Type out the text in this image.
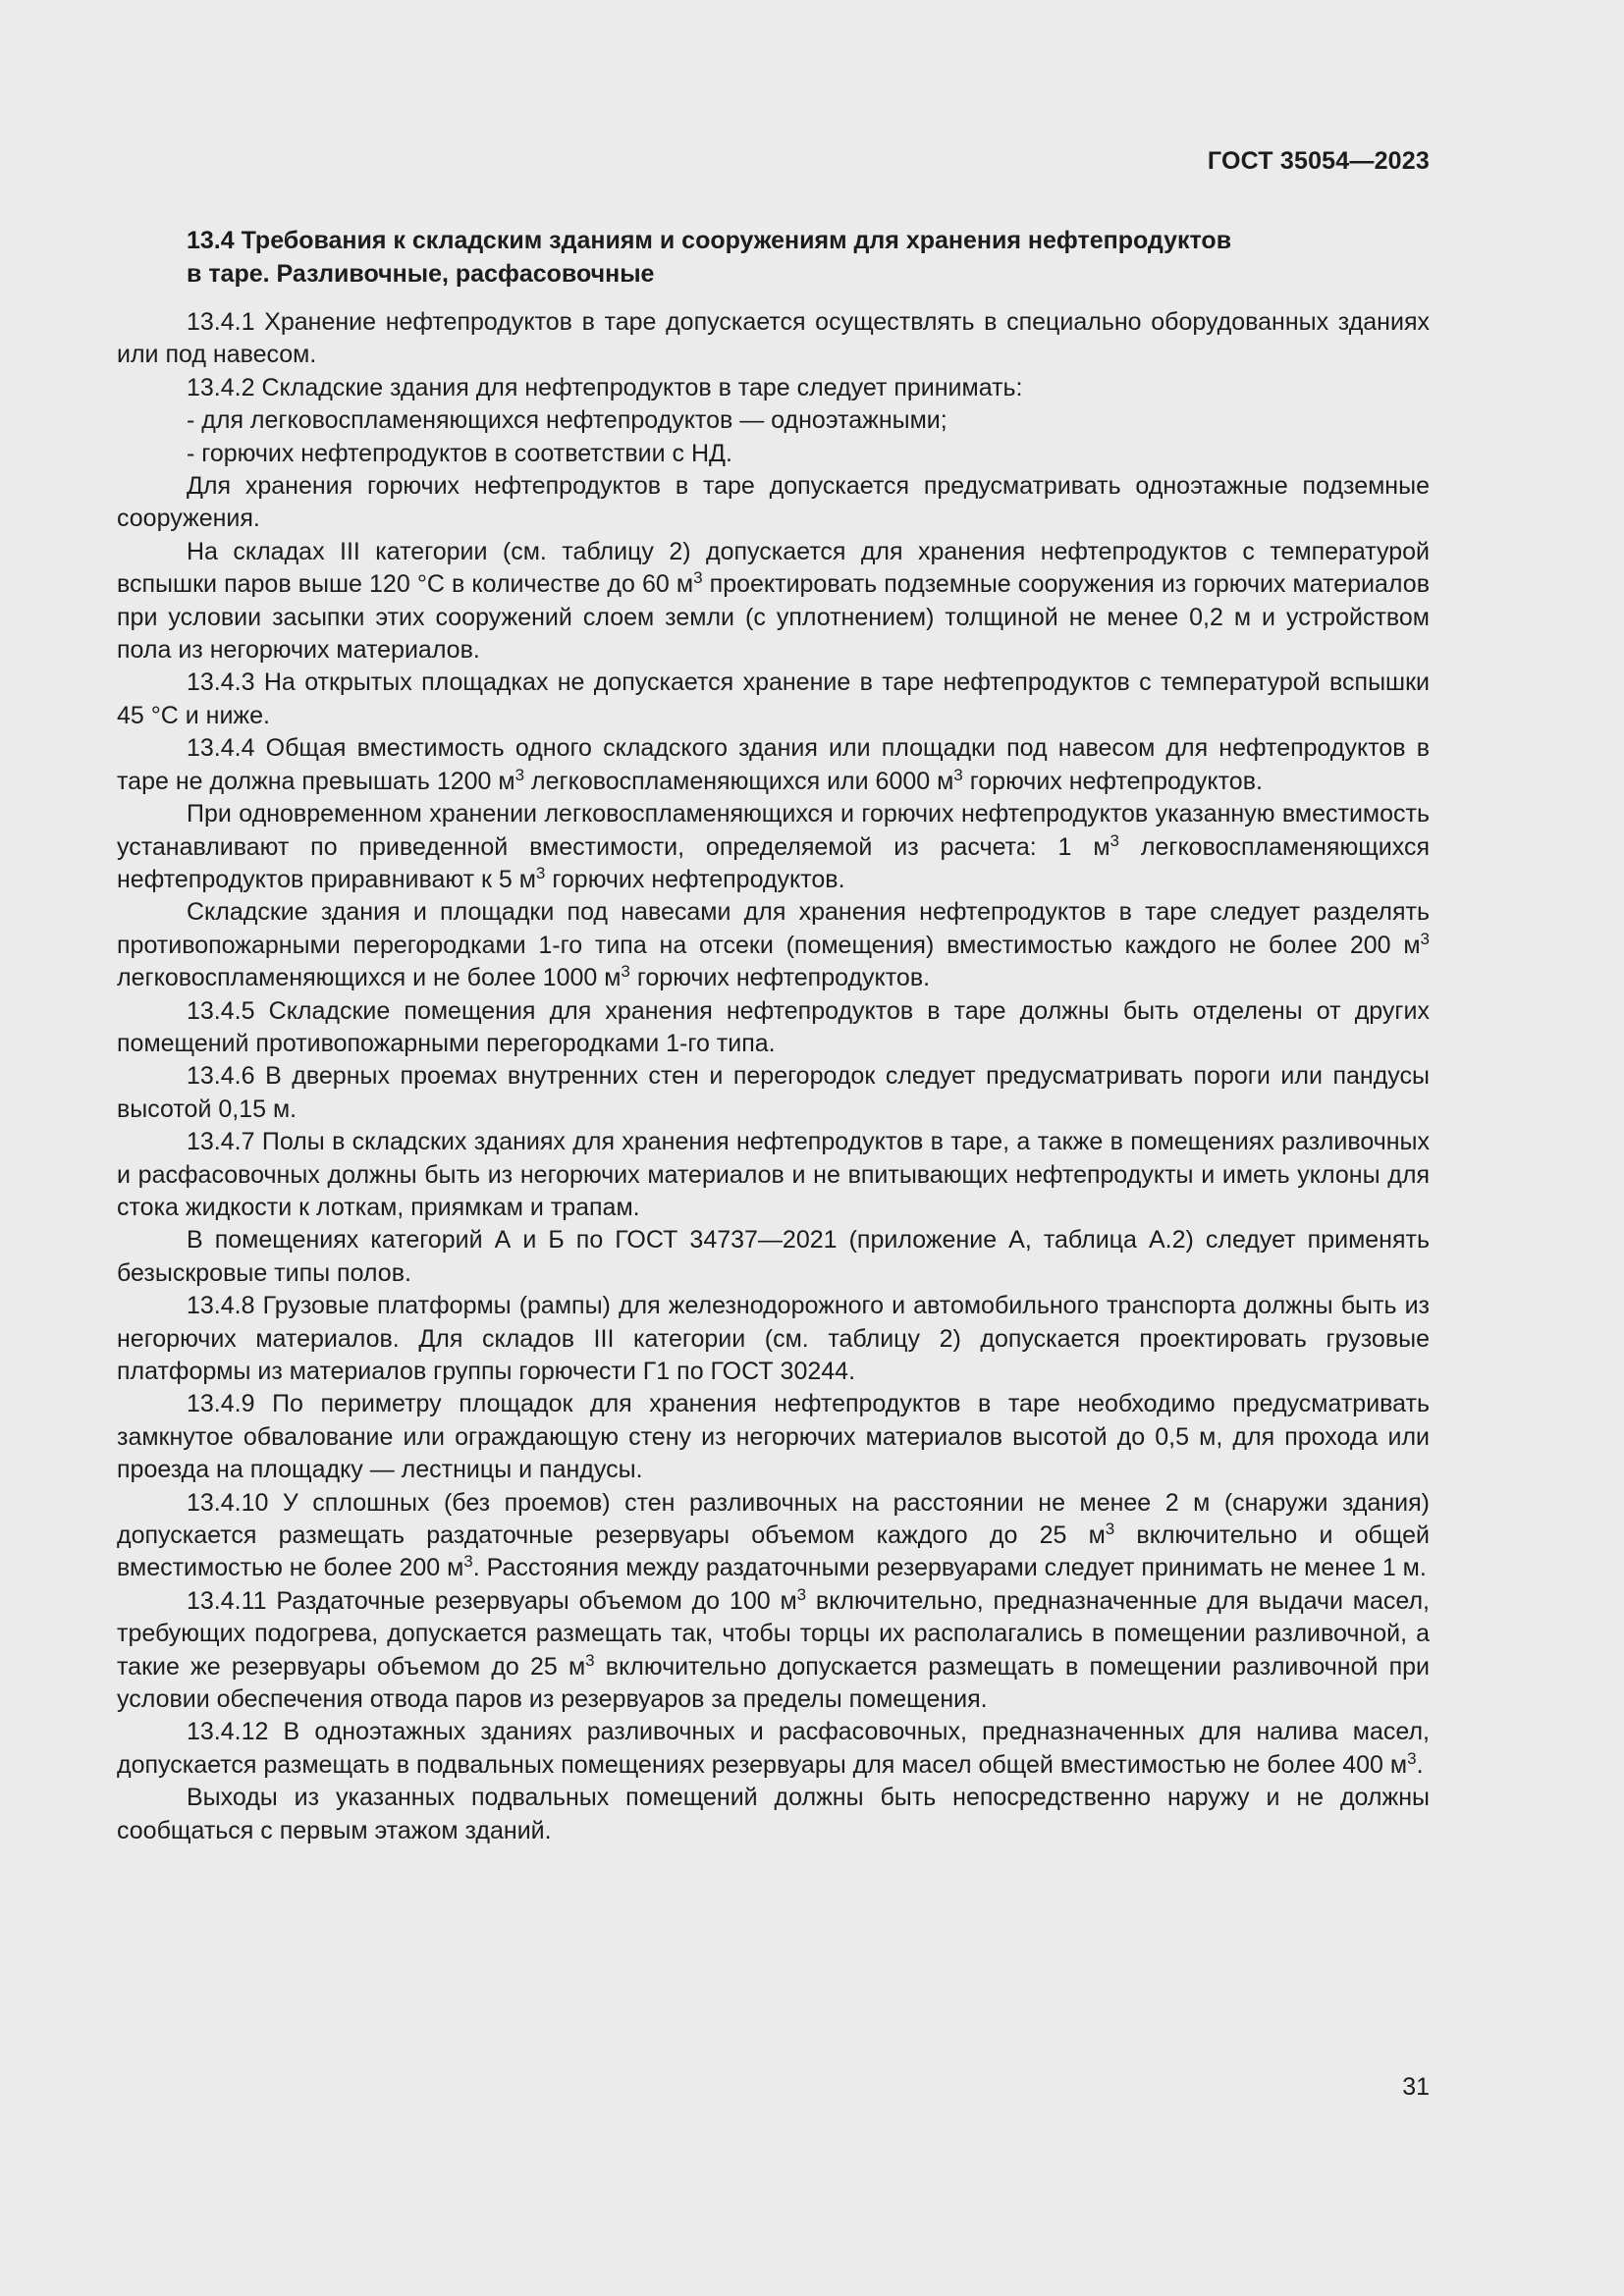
ГОСТ 35054—2023
13.4 Требования к складским зданиям и сооружениям для хранения нефтепродуктов
в таре. Разливочные, расфасовочные

13.4.1 Хранение нефтепродуктов в таре допускается осуществлять в специально оборудованных зданиях или под навесом.

13.4.2 Складские здания для нефтепродуктов в таре следует принимать:

- для легковоспламеняющихся нефтепродуктов — одноэтажными;

- горючих нефтепродуктов в соответствии с НД.

Для хранения горючих нефтепродуктов в таре допускается предусматривать одноэтажные подземные сооружения.

На складах III категории (см. таблицу 2) допускается для хранения нефтепродуктов с температурой вспышки паров выше 120 °С в количестве до 60 $м^3$ проектировать подземные сооружения из горючих материалов при условии засыпки этих сооружений слоем земли (с уплотнением) толщиной не менее 0,2 м и устройством пола из негорючих материалов.

13.4.3 На открытых площадках не допускается хранение в таре нефтепродуктов с температурой вспышки 45 °С и ниже.

13.4.4 Общая вместимость одного складского здания или площадки под навесом для нефтепродуктов в таре не должна превышать 1200 $м^3$ легковоспламеняющихся или 6000 $м^3$ горючих нефтепродуктов.

При одновременном хранении легковоспламеняющихся и горючих нефтепродуктов указанную вместимость устанавливают по приведенной вместимости, определяемой из расчета: 1 $м^3$ легковоспламеняющихся нефтепродуктов приравнивают к 5 $м^3$ горючих нефтепродуктов.

Складские здания и площадки под навесами для хранения нефтепродуктов в таре следует разделять противопожарными перегородками 1-го типа на отсеки (помещения) вместимостью каждого не более 200 $м^3$ легковоспламеняющихся и не более 1000 $м^3$ горючих нефтепродуктов.

13.4.5 Складские помещения для хранения нефтепродуктов в таре должны быть отделены от других помещений противопожарными перегородками 1-го типа.

13.4.6 В дверных проемах внутренних стен и перегородок следует предусматривать пороги или пандусы высотой 0,15 м.

13.4.7 Полы в складских зданиях для хранения нефтепродуктов в таре, а также в помещениях разливочных и расфасовочных должны быть из негорючих материалов и не впитывающих нефтепродукты и иметь уклоны для стока жидкости к лоткам, приямкам и трапам.

В помещениях категорий А и Б по ГОСТ 34737—2021 (приложение А, таблица А.2) следует применять безыскровые типы полов.

13.4.8 Грузовые платформы (рампы) для железнодорожного и автомобильного транспорта должны быть из негорючих материалов. Для складов III категории (см. таблицу 2) допускается проектировать грузовые платформы из материалов группы горючести Г1 по ГОСТ 30244.

13.4.9 По периметру площадок для хранения нефтепродуктов в таре необходимо предусматривать замкнутое обвалование или ограждающую стену из негорючих материалов высотой до 0,5 м, для прохода или проезда на площадку — лестницы и пандусы.

13.4.10 У сплошных (без проемов) стен разливочных на расстоянии не менее 2 м (снаружи здания) допускается размещать раздаточные резервуары объемом каждого до 25 $м^3$ включительно и общей вместимостью не более 200 $м^3$. Расстояния между раздаточными резервуарами следует принимать не менее 1 м.

13.4.11 Раздаточные резервуары объемом до 100 $м^3$ включительно, предназначенные для выдачи масел, требующих подогрева, допускается размещать так, чтобы торцы их располагались в помещении разливочной, а такие же резервуары объемом до 25 $м^3$ включительно допускается размещать в помещении разливочной при условии обеспечения отвода паров из резервуаров за пределы помещения.

13.4.12 В одноэтажных зданиях разливочных и расфасовочных, предназначенных для налива масел, допускается размещать в подвальных помещениях резервуары для масел общей вместимостью не более 400 $м^3$.

Выходы из указанных подвальных помещений должны быть непосредственно наружу и не должны сообщаться с первым этажом зданий.

31
